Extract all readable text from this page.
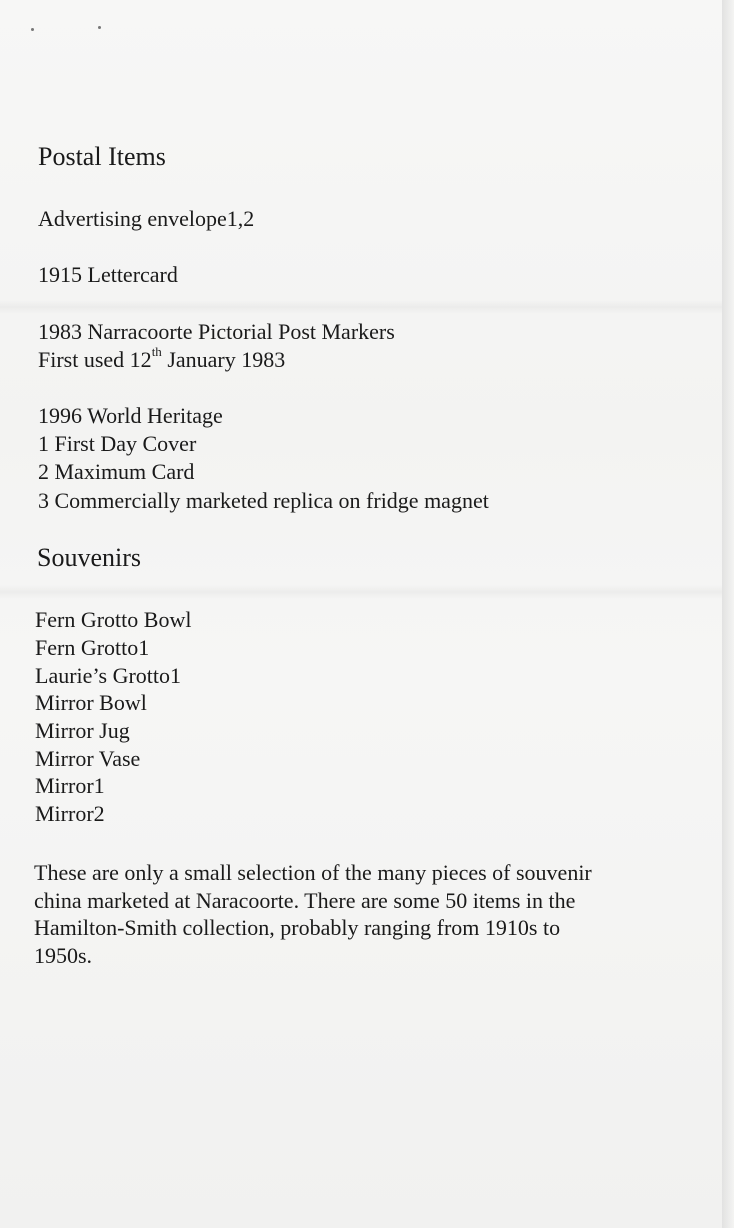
Postal Items

Advertising envelope1,2

1915 Lettercard

1983 Narracoorte Pictorial Post Markers

First used 12th January 1983

1996 World Heritage

1 First Day Cover

2 Maximum Card

3 Commercially marketed replica on fridge magnet

Souvenirs

Fern Grotto Bowl

Fern Grotto1

Laurie’s Grotto1

Mirror Bowl

Mirror Jug

Mirror Vase

Mirror1

Mirror2

These are only a small selection of the many pieces of souvenir

china marketed at Naracoorte. There are some 50 items in the

Hamilton-Smith collection, probably ranging from 1910s to

1950s.
